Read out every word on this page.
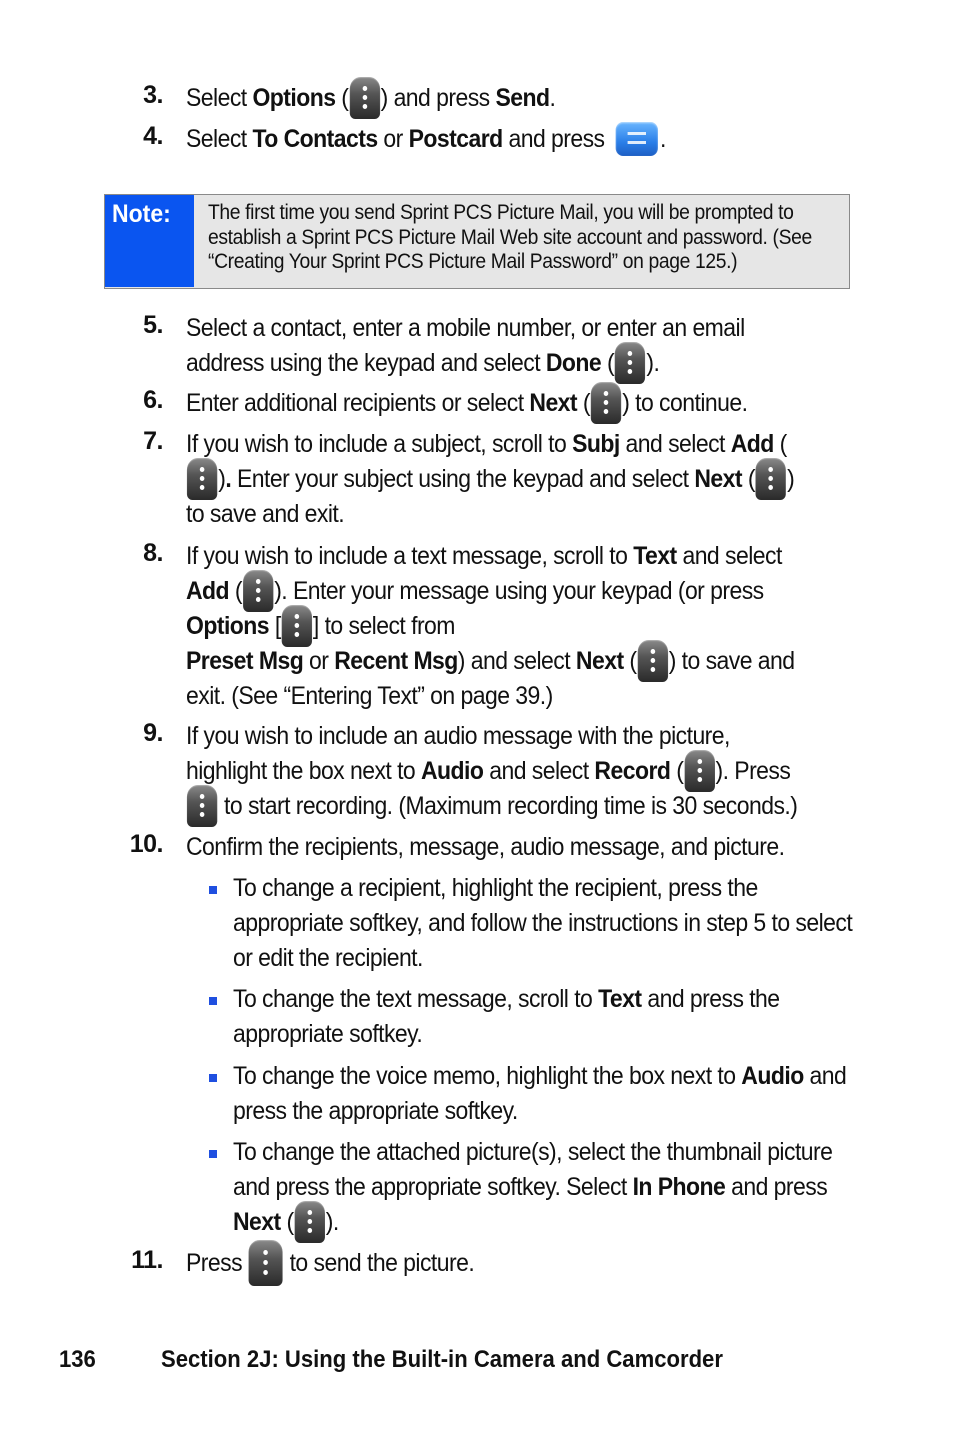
3. Select Options ( ) and press Send.
4. Select To Contacts or Postcard and press .
Note: The first time you send Sprint PCS Picture Mail, you will be prompted to establish a Sprint PCS Picture Mail Web site account and password. (See “Creating Your Sprint PCS Picture Mail Password” on page 125.)
5. Select a contact, enter a mobile number, or enter an email address using the keypad and select Done ( ).
6. Enter additional recipients or select Next ( ) to continue.
7. If you wish to include a subject, scroll to Subj and select Add (). Enter your subject using the keypad and select Next ( ) to save and exit.
8. If you wish to include a text message, scroll to Text and select Add ( ). Enter your message using your keypad (or press Options [ ] to select from
Preset Msg or Recent Msg) and select Next ( ) to save and exit. (See “Entering Text” on page 39.)
9. If you wish to include an audio message with the picture, highlight the box next to Audio and select Record ( ). Press  to start recording. (Maximum recording time is 30 seconds.)
10. Confirm the recipients, message, audio message, and picture.
To change a recipient, highlight the recipient, press the appropriate softkey, and follow the instructions in step 5 to select or edit the recipient.
To change the text message, scroll to Text and press the appropriate softkey.
To change the voice memo, highlight the box next to Audio and press the appropriate softkey.
To change the attached picture(s), select the thumbnail picture and press the appropriate softkey. Select In Phone and press Next ( ).
11. Press  to send the picture.
136	Section 2J: Using the Built-in Camera and Camcorder
